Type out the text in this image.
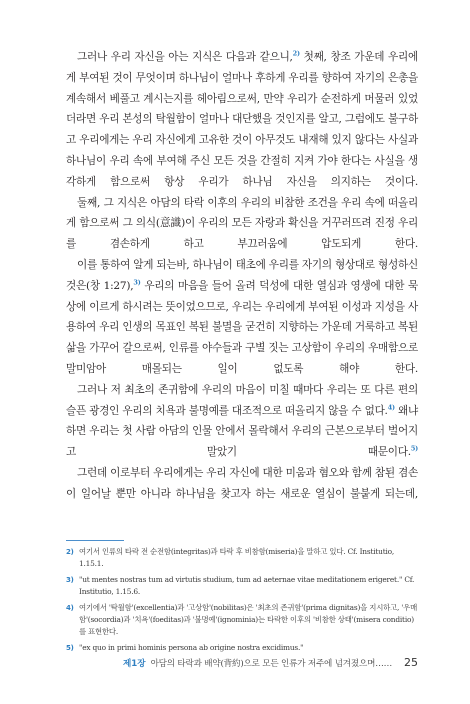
그러나 우리 자신을 아는 지식은 다음과 같으니,$^{2)}$ 첫째, 창조 가운데 우리에게 부여된 것이 무엇이며 하나님이 얼마나 후하게 우리를 향하여 자기의 은총을 계속해서 베풀고 계시는지를 헤아림으로써, 만약 우리가 순전하게 머물러 있었더라면 우리 본성의 탁월함이 얼마나 대단했을 것인지를 알고, 그럼에도 불구하고 우리에게는 우리 자신에게 고유한 것이 아무것도 내재해 있지 않다는 사실과 하나님이 우리 속에 부여해 주신 모든 것을 간절히 지켜 가야 한다는 사실을 생각하게 함으로써 항상 우리가 하나님 자신을 의지하는 것이다.

둘째, 그 지식은 아담의 타락 이후의 우리의 비참한 조건을 우리 속에 떠올리게 함으로써 그 의식(意識)이 우리의 모든 자랑과 확신을 거꾸러뜨려 진정 우리를 겸손하게 하고 부끄러움에 압도되게 한다.

이를 통하여 알게 되는바, 하나님이 태초에 우리를 자기의 형상대로 형성하신 것은(창 1:27),$^{3)}$ 우리의 마음을 들어 올려 덕성에 대한 열심과 영생에 대한 묵상에 이르게 하시려는 뜻이었으므로, 우리는 우리에게 부여된 이성과 지성을 사용하여 우리 인생의 목표인 복된 불멸을 굳건히 지향하는 가운데 거룩하고 복된 삶을 가꾸어 갈으로써, 인류를 야수들과 구별 짓는 고상함이 우리의 우매함으로 말미암아 매몰되는 일이 없도록 해야 한다.

그러나 저 최초의 존귀함에 우리의 마음이 미칠 때마다 우리는 또 다른 편의 슬픈 광경인 우리의 치욕과 불명예를 대조적으로 떠올리지 않을 수 없다.$^{4)}$ 왜냐하면 우리는 첫 사람 아담의 인물 안에서 몰락해서 우리의 근본으로부터 벌어지고 말았기 때문이다.$^{5)}$

그런데 이로부터 우리에게는 우리 자신에 대한 미움과 혐오와 함께 참된 겸손이 일어날 뿐만 아니라 하나님을 찾고자 하는 새로운 열심이 불붙게 되는데,

2) 여기서 인류의 타락 전 순전함(integritas)과 타락 후 비참함(miseria)을 말하고 있다. Cf. Institutio, 1.15.1.
3) "ut mentes nostras tum ad virtutis studium, tum ad aeternae vitae meditationem erigeret." Cf. Institutio, 1.15.6.
4) 여기에서 '탁월함'(excellentia)과 '고상함'(nobilitas)은 '최초의 존귀함'(prima dignitas)을 지시하고, '우매함'(socordia)과 '치욕'(foeditas)과 '불명예'(ignominia)는 타락한 이후의 '비참한 상태'(misera conditio)를 표현한다.
5) "ex quo in primi hominis persona ab origine nostra excidimus."
제1장 아담의 타락과 배약(背約)으로 모든 인류가 저주에 넘겨졌으며…… 25
